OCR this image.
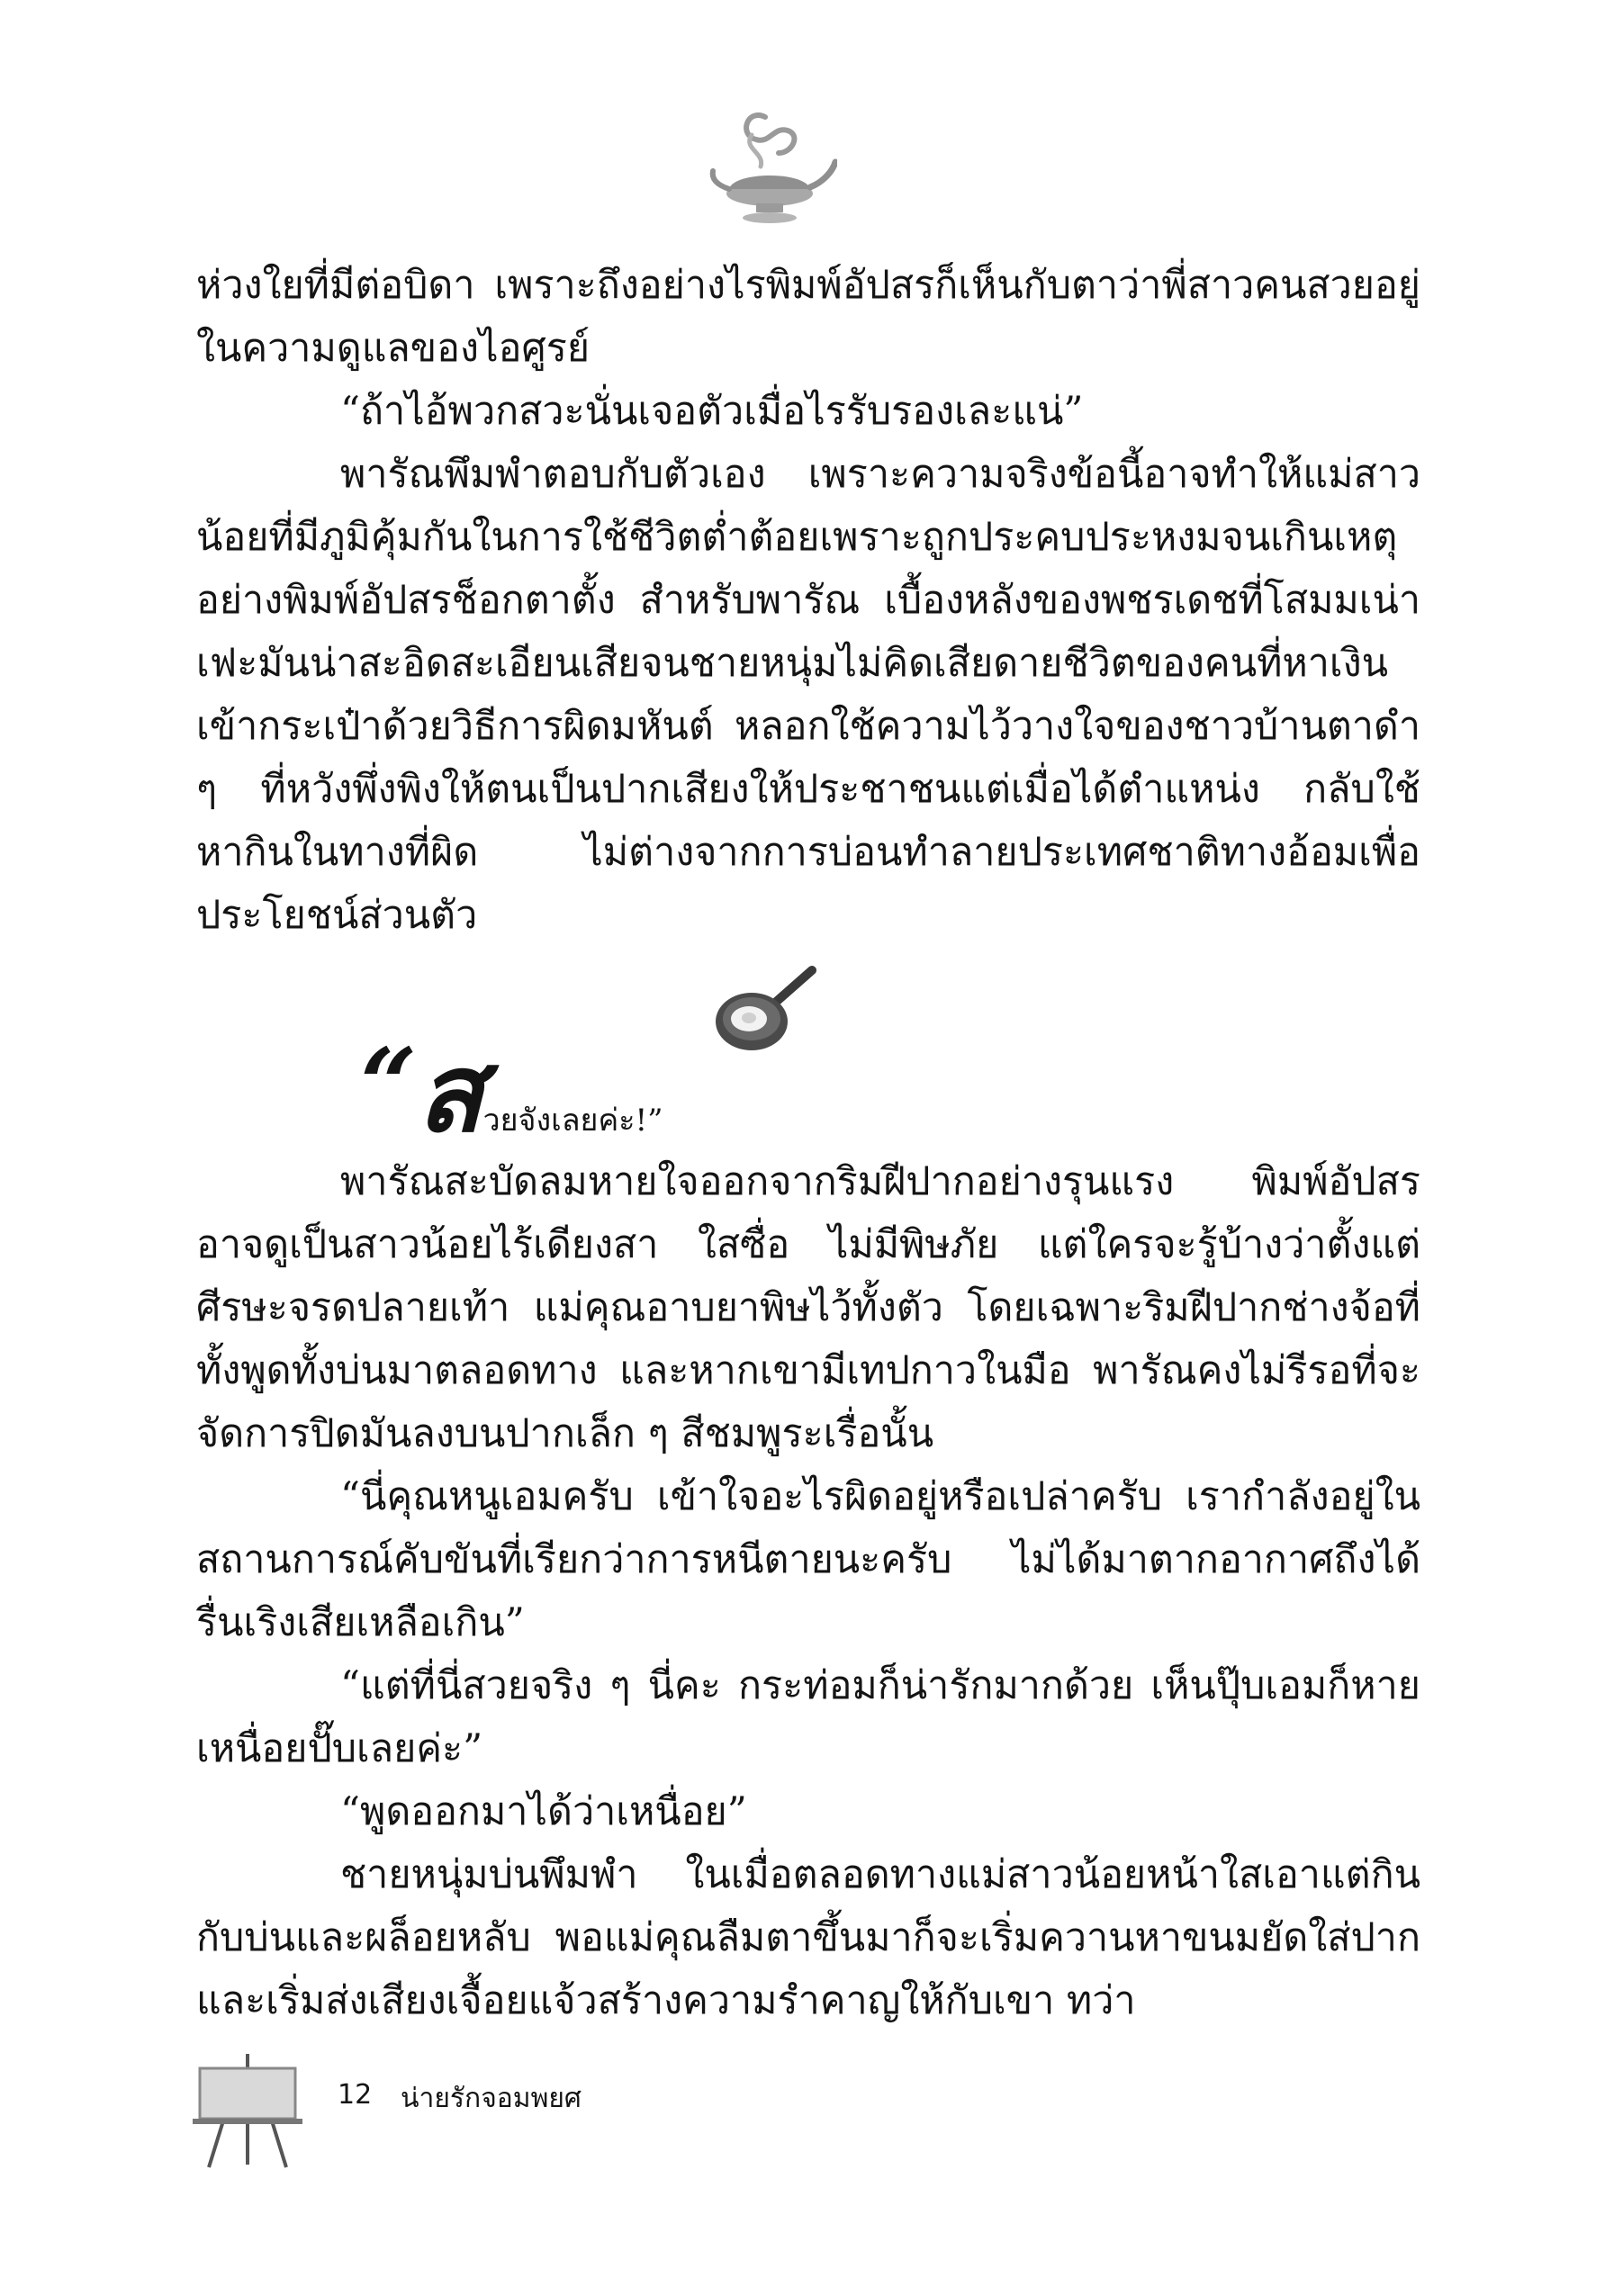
ห่วงใยที่มีต่อบิดา เพราะถึงอย่างไรพิมพ์อัปสรก็เห็นกับตาว่าพี่สาวคนสวยอยู่ในความดูแลของไอศูรย์

“ถ้าไอ้พวกสวะนั่นเจอตัวเมื่อไรรับรองเละแน่”

พารัณพึมพำตอบกับตัวเอง เพราะความจริงข้อนี้อาจทำให้แม่สาวน้อยที่มีภูมิคุ้มกันในการใช้ชีวิตต่ำต้อยเพราะถูกประคบประหงมจนเกินเหตุอย่างพิมพ์อัปสรช็อกตาตั้ง สำหรับพารัณ เบื้องหลังของพชรเดชที่โสมมเน่าเฟะมันน่าสะอิดสะเอียนเสียจนชายหนุ่มไม่คิดเสียดายชีวิตของคนที่หาเงินเข้ากระเป๋าด้วยวิธีการผิดมหันต์ หลอกใช้ความไว้วางใจของชาวบ้านตาดำ ๆ ที่หวังพึ่งพิงให้ตนเป็นปากเสียงให้ประชาชนแต่เมื่อได้ตำแหน่ง กลับใช้หากินในทางที่ผิด ไม่ต่างจากการบ่อนทำลายประเทศชาติทางอ้อมเพื่อประโยชน์ส่วนตัว

“สวยจังเลยค่ะ!”

พารัณสะบัดลมหายใจออกจากริมฝีปากอย่างรุนแรง พิมพ์อัปสรอาจดูเป็นสาวน้อยไร้เดียงสา ใสซื่อ ไม่มีพิษภัย แต่ใครจะรู้บ้างว่าตั้งแต่ศีรษะจรดปลายเท้า แม่คุณอาบยาพิษไว้ทั้งตัว โดยเฉพาะริมฝีปากช่างจ้อที่ทั้งพูดทั้งบ่นมาตลอดทาง และหากเขามีเทปกาวในมือ พารัณคงไม่รีรอที่จะจัดการปิดมันลงบนปากเล็ก ๆ สีชมพูระเรื่อนั้น

“นี่คุณหนูเอมครับ เข้าใจอะไรผิดอยู่หรือเปล่าครับ เรากำลังอยู่ในสถานการณ์คับขันที่เรียกว่าการหนีตายนะครับ ไม่ได้มาตากอากาศถึงได้รื่นเริงเสียเหลือเกิน”

“แต่ที่นี่สวยจริง ๆ นี่คะ กระท่อมก็น่ารักมากด้วย เห็นปุ๊บเอมก็หายเหนื่อยปั๊บเลยค่ะ”

“พูดออกมาได้ว่าเหนื่อย”

ชายหนุ่มบ่นพึมพำ ในเมื่อตลอดทางแม่สาวน้อยหน้าใสเอาแต่กินกับบ่นและผล็อยหลับ พอแม่คุณลืมตาขึ้นมาก็จะเริ่มควานหาขนมยัดใส่ปาก และเริ่มส่งเสียงเจื้อยแจ้วสร้างความรำคาญให้กับเขา ทว่า

12 น่ายรักจอมพยศ
